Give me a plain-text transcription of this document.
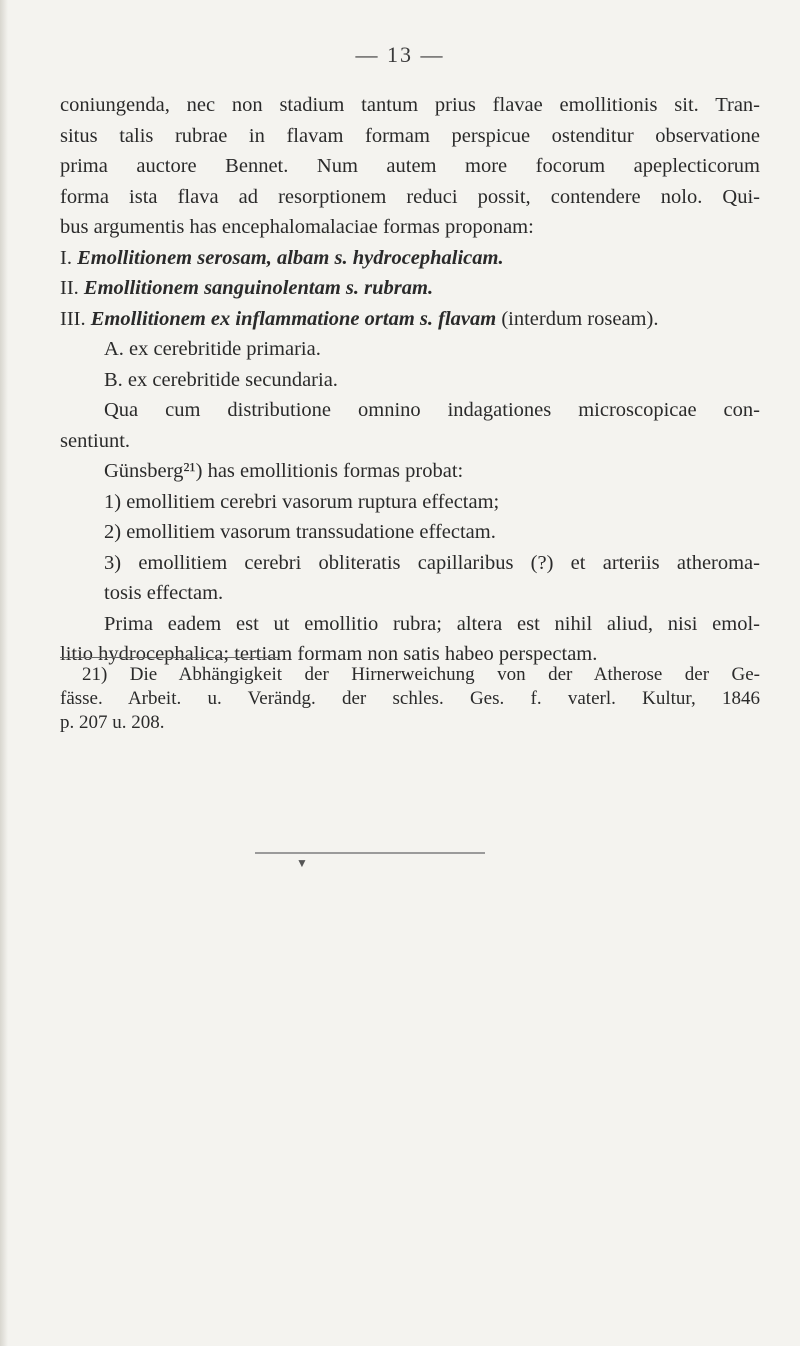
— 13 —
coniungenda, nec non stadium tantum prius flavae emollitionis sit. Tran-
situs talis rubrae in flavam formam perspicue ostenditur observatione
prima auctore Bennet. Num autem more focorum apeplecticorum
forma ista flava ad resorptionem reduci possit, contendere nolo. Qui-
bus argumentis has encephalomalaciae formas proponam:
I. Emollitionem serosam, albam s. hydrocephalicam.
II. Emollitionem sanguinolentam s. rubram.
III. Emollitionem ex inflammatione ortam s. flavam (interdum roseam).
A. ex cerebritide primaria.
B. ex cerebritide secundaria.
Qua cum distributione omnino indagationes microscopicae con-
sentiunt.
Günsberg²¹) has emollitionis formas probat:
1) emollitiem cerebri vasorum ruptura effectam;
2) emollitiem vasorum transsudatione effectam.
3) emollitiem cerebri obliteratis capillaribus (?) et arteriis atheroma-
tosis effectam.
Prima eadem est ut emollitio rubra; altera est nihil aliud, nisi emol-
litio hydrocephalica; tertiam formam non satis habeo perspectam.
21) Die Abhängigkeit der Hirnerweichung von der Atherose der Ge-
fässe. Arbeit. u. Verändg. der schles. Ges. f. vaterl. Kultur, 1846
p. 207 u. 208.
▼
